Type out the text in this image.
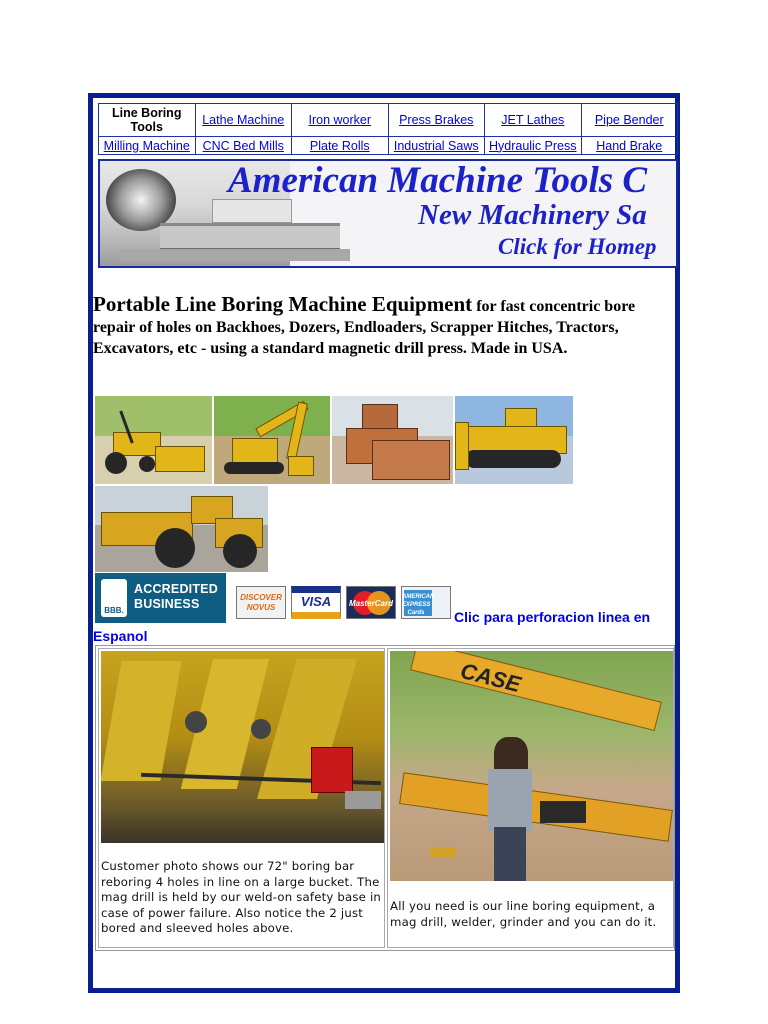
Line Boring Tools	Lathe Machine	Iron worker	Press Brakes	JET Lathes	Pipe Bender
Milling Machine	CNC Bed Mills	Plate Rolls	Industrial Saws	Hydraulic Press	Hand Brake
American Machine Tools C
New Machinery Sa
Click for Homep
Portable Line Boring Machine Equipment for fast concentric bore repair of holes on Backhoes, Dozers, Endloaders, Scrapper Hitches, Tractors, Excavators, etc - using a standard magnetic drill press. Made in USA.
BBB.
ACCREDITED
BUSINESS	DISCOVER NOVUS	VISA	MasterCard
AMERICAN EXPRESS Cards	Clic para perforacion linea en
Espanol
Customer photo shows our 72" boring bar reboring 4 holes in line on a large bucket. The mag drill is held by our weld-on safety base in case of power failure. Also notice the 2 just bored and sleeved holes above.
CASE
All you need is our line boring equipment, a mag drill, welder, grinder and you can do it.
